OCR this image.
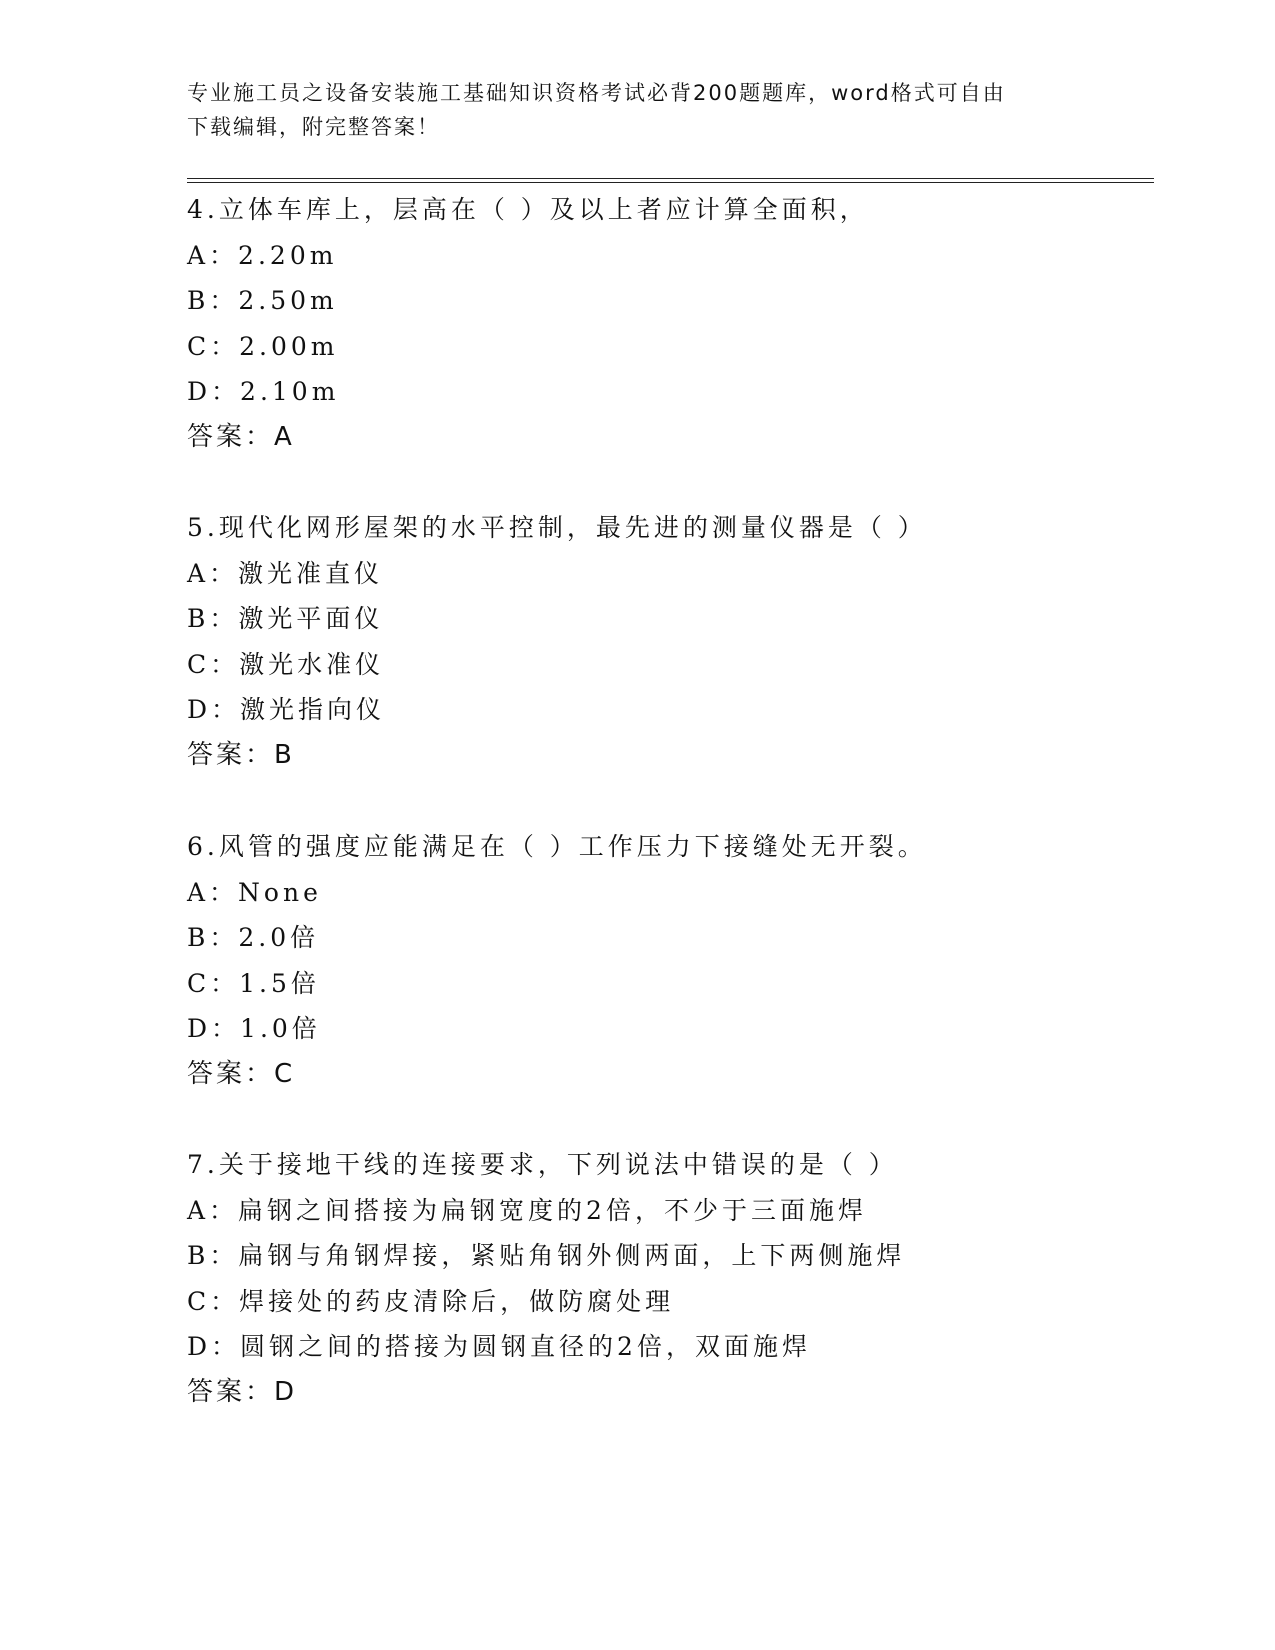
专业施工员之设备安装施工基础知识资格考试必背200题题库，word格式可自由
下载编辑，附完整答案！
4.立体车库上，层高在（ ）及以上者应计算全面积，
A：2.20m
B：2.50m
C：2.00m
D：2.10m
答案：A
5.现代化网形屋架的水平控制，最先进的测量仪器是（ ）
A：激光准直仪
B：激光平面仪
C：激光水准仪
D：激光指向仪
答案：B
6.风管的强度应能满足在（ ）工作压力下接缝处无开裂。
A：None
B：2.0倍
C：1.5倍
D：1.0倍
答案：C
7.关于接地干线的连接要求，下列说法中错误的是（ ）
A：扁钢之间搭接为扁钢宽度的2倍，不少于三面施焊
B：扁钢与角钢焊接，紧贴角钢外侧两面，上下两侧施焊
C：焊接处的药皮清除后，做防腐处理
D：圆钢之间的搭接为圆钢直径的2倍，双面施焊
答案：D
